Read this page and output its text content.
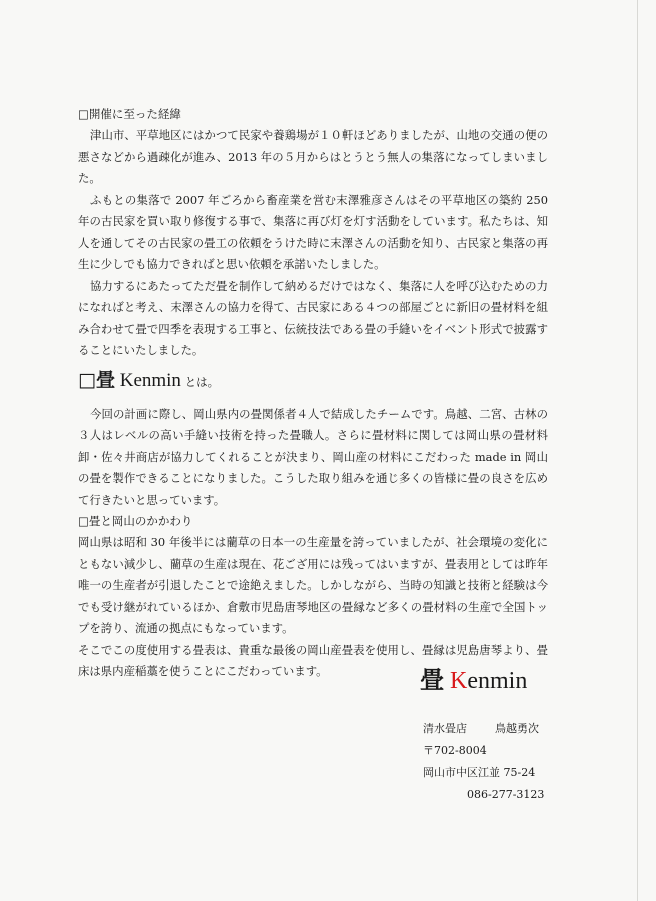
□開催に至った経緯

津山市、平草地区にはかつて民家や養鶏場が１０軒ほどありましたが、山地の交通の便の悪さなどから過疎化が進み、2013 年の５月からはとうとう無人の集落になってしまいました。

ふもとの集落で 2007 年ごろから畜産業を営む末澤雅彦さんはその平草地区の築約 250 年の古民家を買い取り修復する事で、集落に再び灯を灯す活動をしています。私たちは、知人を通してその古民家の畳工の依頼をうけた時に末澤さんの活動を知り、古民家と集落の再生に少しでも協力できればと思い依頼を承諾いたしました。

協力するにあたってただ畳を制作して納めるだけではなく、集落に人を呼び込むための力になればと考え、末澤さんの協力を得て、古民家にある４つの部屋ごとに新旧の畳材料を組み合わせて畳で四季を表現する工事と、伝統技法である畳の手縫いをイベント形式で披露することにいたしました。

□畳 Kenmin とは。

今回の計画に際し、岡山県内の畳関係者４人で結成したチームです。鳥越、二宮、古林の３人はレベルの高い手縫い技術を持った畳職人。さらに畳材料に関しては岡山県の畳材料卸・佐々井商店が協力してくれることが決まり、岡山産の材料にこだわった made in 岡山の畳を製作できることになりました。こうした取り組みを通じ多くの皆様に畳の良さを広めて行きたいと思っています。

□畳と岡山のかかわり

岡山県は昭和 30 年後半には藺草の日本一の生産量を誇っていましたが、社会環境の変化にともない減少し、藺草の生産は現在、花ござ用には残ってはいますが、畳表用としては昨年唯一の生産者が引退したことで途絶えました。しかしながら、当時の知識と技術と経験は今でも受け継がれているほか、倉敷市児島唐琴地区の畳縁など多くの畳材料の生産で全国トップを誇り、流通の拠点にもなっています。

そこでこの度使用する畳表は、貴重な最後の岡山産畳表を使用し、畳縁は児島唐琴より、畳床は県内産稲藁を使うことにこだわっています。	畳 Kenmin
清水畳店	鳥越勇次
〒702-8004
岡山市中区江並 75-24
086-277-3123
